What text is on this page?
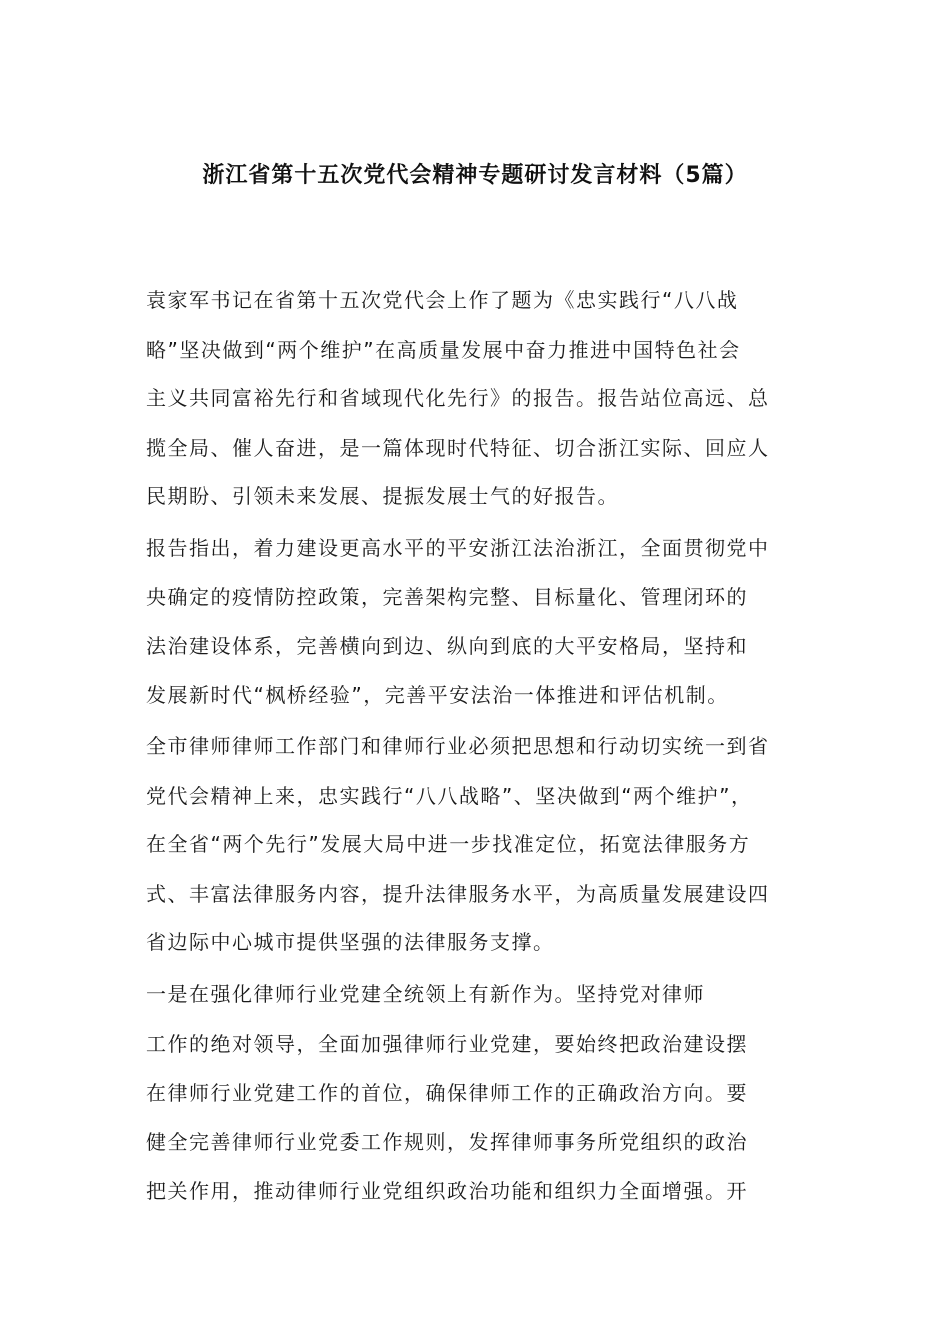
浙江省第十五次党代会精神专题研讨发言材料（5篇）
袁家军书记在省第十五次党代会上作了题为《忠实践行“八八战
略”坚决做到“两个维护”在高质量发展中奋力推进中国特色社会
主义共同富裕先行和省域现代化先行》的报告。报告站位高远、总
揽全局、催人奋进，是一篇体现时代特征、切合浙江实际、回应人
民期盼、引领未来发展、提振发展士气的好报告。
报告指出，着力建设更高水平的平安浙江法治浙江，全面贯彻党中
央确定的疫情防控政策，完善架构完整、目标量化、管理闭环的
法治建设体系，完善横向到边、纵向到底的大平安格局，坚持和
发展新时代“枫桥经验”，完善平安法治一体推进和评估机制。
全市律师律师工作部门和律师行业必须把思想和行动切实统一到省
党代会精神上来，忠实践行“八八战略”、坚决做到“两个维护”，
在全省“两个先行”发展大局中进一步找准定位，拓宽法律服务方
式、丰富法律服务内容，提升法律服务水平，为高质量发展建设四
省边际中心城市提供坚强的法律服务支撑。
一是在强化律师行业党建全统领上有新作为。坚持党对律师
工作的绝对领导，全面加强律师行业党建，要始终把政治建设摆
在律师行业党建工作的首位，确保律师工作的正确政治方向。要
健全完善律师行业党委工作规则，发挥律师事务所党组织的政治
把关作用，推动律师行业党组织政治功能和组织力全面增强。开
